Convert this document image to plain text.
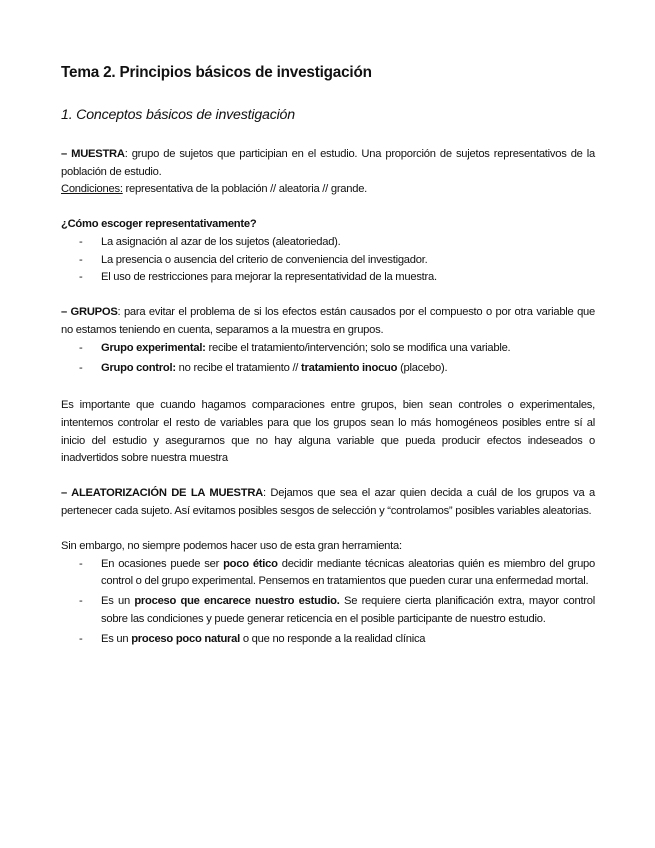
Tema 2. Principios básicos de investigación
1. Conceptos básicos de investigación

– MUESTRA: grupo de sujetos que participian en el estudio. Una proporción de sujetos representativos de la población de estudio.

Condiciones: representativa de la población // aleatoria // grande.

¿Cómo escoger representativamente?

- La asignación al azar de los sujetos (aleatoriedad).
- La presencia o ausencia del criterio de conveniencia del investigador.
- El uso de restricciones para mejorar la representatividad de la muestra.

– GRUPOS: para evitar el problema de si los efectos están causados por el compuesto o por otra variable que no estamos teniendo en cuenta, separamos a la muestra en grupos.

- Grupo experimental: recibe el tratamiento/intervención; solo se modifica una variable.
- Grupo control: no recibe el tratamiento // tratamiento inocuo (placebo).

Es importante que cuando hagamos comparaciones entre grupos, bien sean controles o experimentales, intentemos controlar el resto de variables para que los grupos sean lo más homogéneos posibles entre sí al inicio del estudio y asegurarnos que no hay alguna variable que pueda producir efectos indeseados o inadvertidos sobre nuestra muestra

– ALEATORIZACIÓN DE LA MUESTRA: Dejamos que sea el azar quien decida a cuál de los grupos va a pertenecer cada sujeto. Así evitamos posibles sesgos de selección y “controlamos” posibles variables aleatorias.

Sin embargo, no siempre podemos hacer uso de esta gran herramienta:

- En ocasiones puede ser poco ético decidir mediante técnicas aleatorias quién es miembro del grupo control o del grupo experimental. Pensemos en tratamientos que pueden curar una enfermedad mortal.
- Es un proceso que encarece nuestro estudio. Se requiere cierta planificación extra, mayor control sobre las condiciones y puede generar reticencia en el posible participante de nuestro estudio.
- Es un proceso poco natural o que no responde a la realidad clínica
